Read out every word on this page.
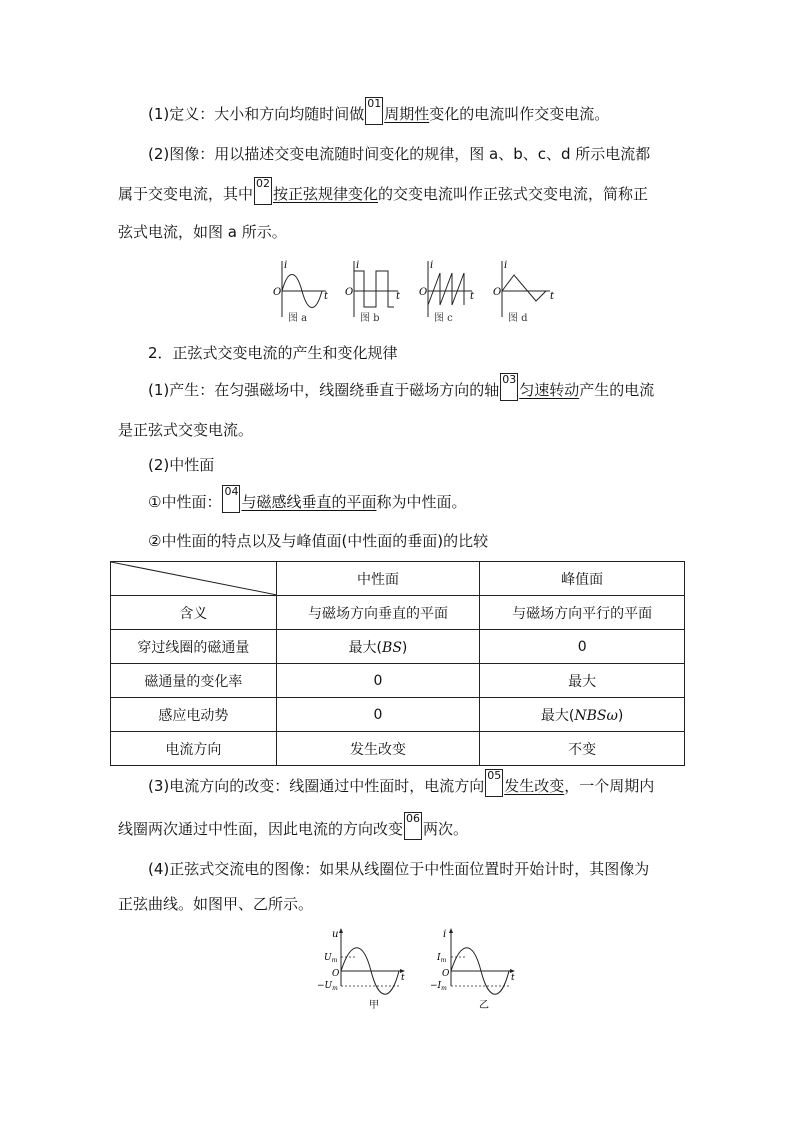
(1)定义：大小和方向均随时间做01周期性变化的电流叫作交变电流。
(2)图像：用以描述交变电流随时间变化的规律，图 a、b、c、d 所示电流都
属于交变电流，其中02按正弦规律变化的交变电流叫作正弦式交变电流，简称正
弦式电流，如图 a 所示。
i
O	t
图 a
i
O	t
图 b
i
O	t
图 c
i
O	t
图 d
2．正弦式交变电流的产生和变化规律
(1)产生：在匀强磁场中，线圈绕垂直于磁场方向的轴03匀速转动产生的电流
是正弦式交变电流。
(2)中性面
①中性面：04与磁感线垂直的平面称为中性面。
②中性面的特点以及与峰值面(中性面的垂面)的比较
	中性面	峰值面
含义	与磁场方向垂直的平面	与磁场方向平行的平面
穿过线圈的磁通量	最大(BS)	0
磁通量的变化率	0	最大
感应电动势	0	最大(NBSω)
电流方向	发生改变	不变
(3)电流方向的改变：线圈通过中性面时，电流方向05发生改变，一个周期内
线圈两次通过中性面，因此电流的方向改变06两次。
(4)正弦式交流电的图像：如果从线圈位于中性面位置时开始计时，其图像为
正弦曲线。如图甲、乙所示。
u
$U_m$
O
$-U_m$
t
甲
i
$I_m$
O
$-I_m$
t
乙
